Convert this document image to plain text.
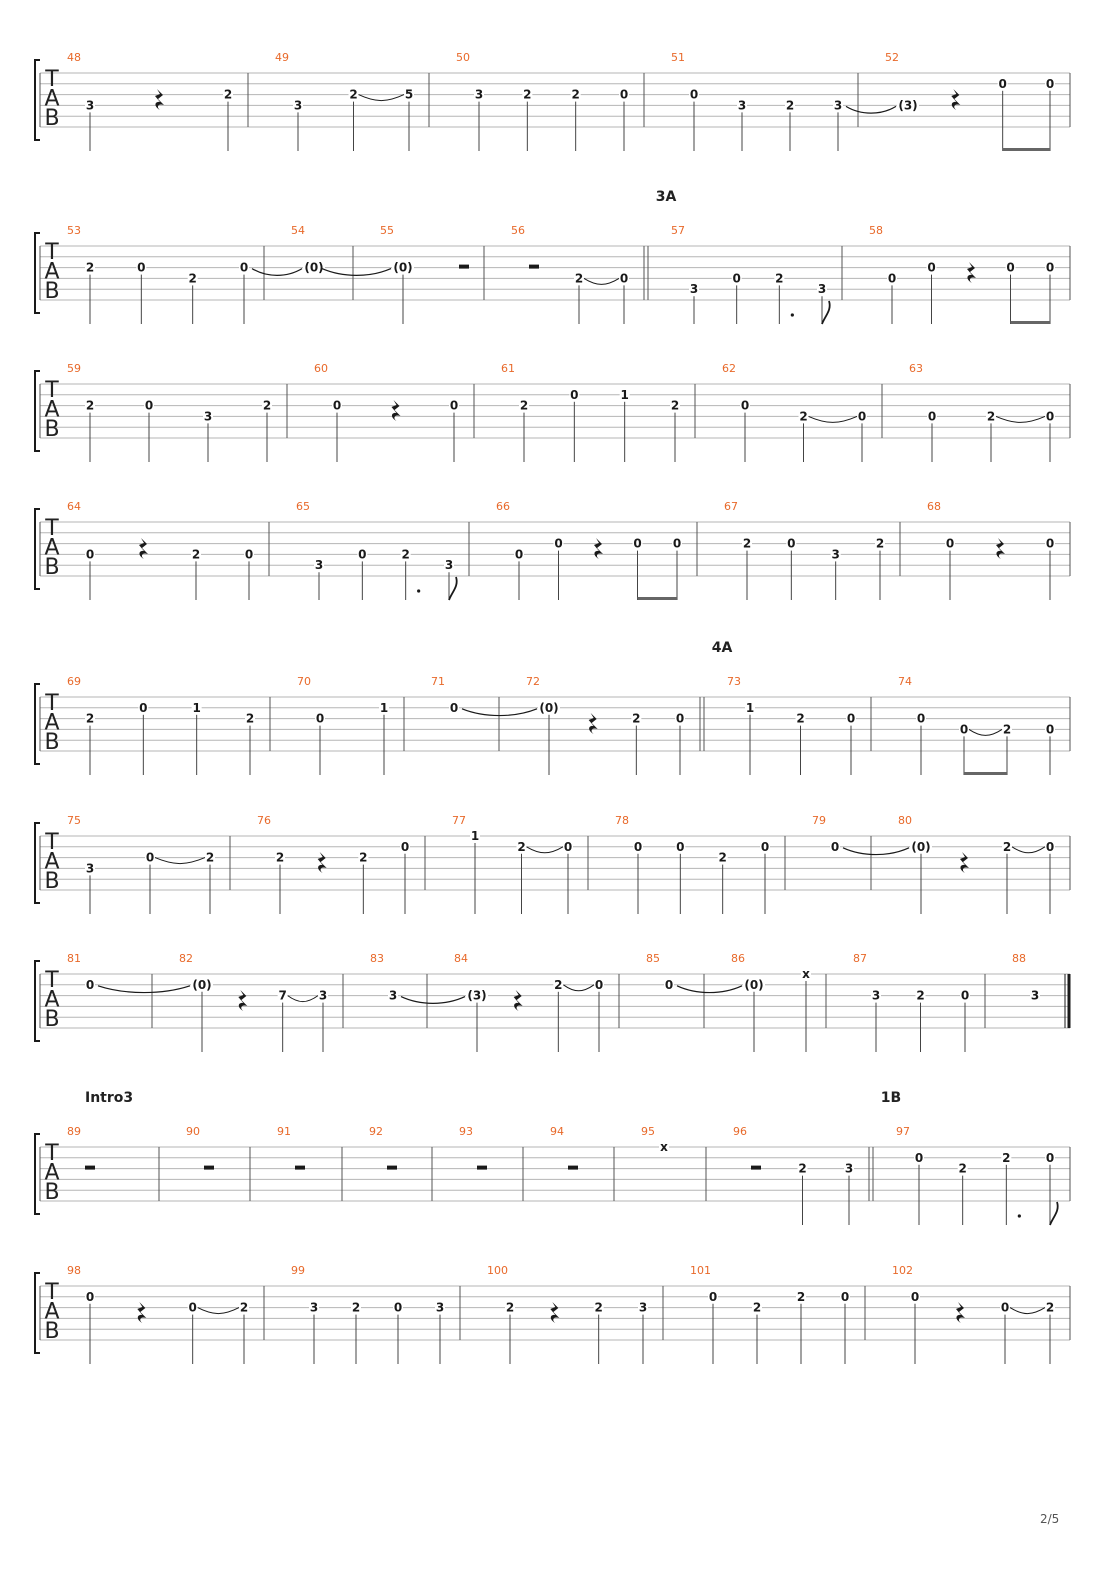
T
A
B
48
3
2
49
3
2	5
50
3	2	2	0
51
0
3	2	3
52
(3)
0	0
T
A
B
3A
53
2	0
2
0
54
(0)
55
(0)
56
2	0
57
3
0	2
3
58
0
0	0	0
T
A
B
59
2	0
3
2
60
0	0
61
2
0	1
2
62
0
2	0
63
0	2	0
T
A
B
64
0	2	0
65
3
0	2
3
66
0
0	0	0
67
2	0
3
2
68
0	0
T
A
B
4A
69
2
0	1
2
70
0
1
71
0
72
(0)
2	0
73
1
2	0
74
0
0	2	0
T
A
B
75
3
0	2
76
2	2
0
77
1
2	0
78
0	0
2
0
79
0
80
(0)	2	0
T
A
B
81
0
82
(0)
7	3
83
3
84
(3)
2	0
85
0
86
(0)
x
87
3	2	0
88
3
T
A
B
Intro3	1B
89	90	91	92	93	94	95
x
96
2	3
97
0
2
2	0
T
A
B
98
0
0	2
99
3	2	0	3
100
2	2	3
101
0
2
2	0
102
0
0	2
2/5
